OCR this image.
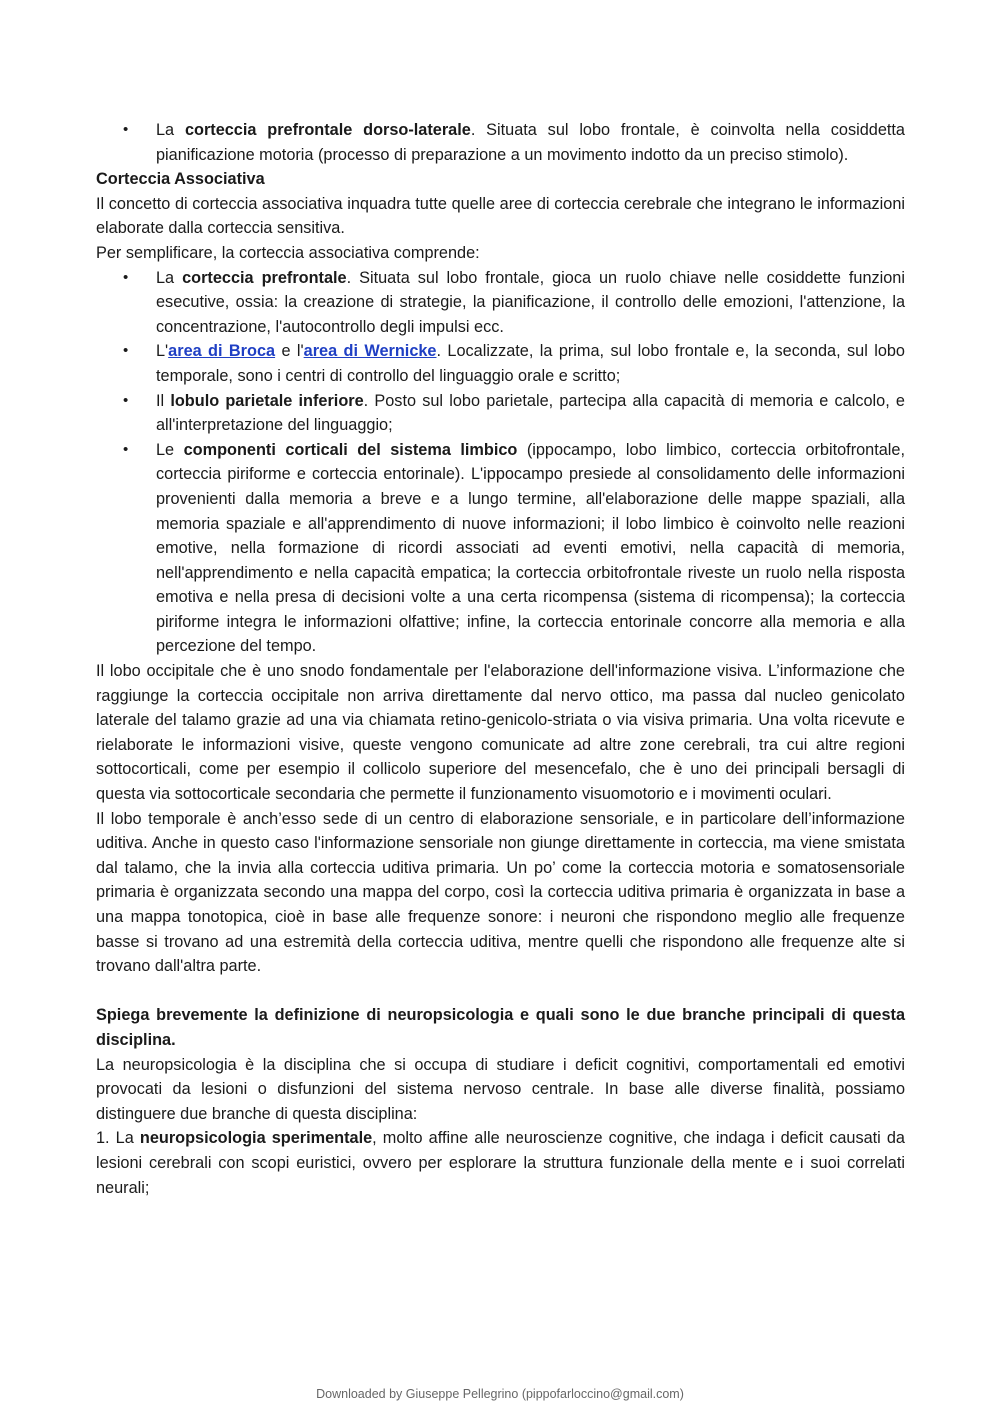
• La corteccia prefrontale dorso-laterale. Situata sul lobo frontale, è coinvolta nella cosiddetta pianificazione motoria (processo di preparazione a un movimento indotto da un preciso stimolo).

Corteccia Associativa

Il concetto di corteccia associativa inquadra tutte quelle aree di corteccia cerebrale che integrano le informazioni elaborate dalla corteccia sensitiva.

Per semplificare, la corteccia associativa comprende:

• La corteccia prefrontale. Situata sul lobo frontale, gioca un ruolo chiave nelle cosiddette funzioni esecutive, ossia: la creazione di strategie, la pianificazione, il controllo delle emozioni, l'attenzione, la concentrazione, l'autocontrollo degli impulsi ecc.
• L'area di Broca e l'area di Wernicke. Localizzate, la prima, sul lobo frontale e, la seconda, sul lobo temporale, sono i centri di controllo del linguaggio orale e scritto;
• Il lobulo parietale inferiore. Posto sul lobo parietale, partecipa alla capacità di memoria e calcolo, e all'interpretazione del linguaggio;
• Le componenti corticali del sistema limbico (ippocampo, lobo limbico, corteccia orbitofrontale, corteccia piriforme e corteccia entorinale). L'ippocampo presiede al consolidamento delle informazioni provenienti dalla memoria a breve e a lungo termine, all'elaborazione delle mappe spaziali, alla memoria spaziale e all'apprendimento di nuove informazioni; il lobo limbico è coinvolto nelle reazioni emotive, nella formazione di ricordi associati ad eventi emotivi, nella capacità di memoria, nell'apprendimento e nella capacità empatica; la corteccia orbitofrontale riveste un ruolo nella risposta emotiva e nella presa di decisioni volte a una certa ricompensa (sistema di ricompensa); la corteccia piriforme integra le informazioni olfattive; infine, la corteccia entorinale concorre alla memoria e alla percezione del tempo.

Il lobo occipitale che è uno snodo fondamentale per l'elaborazione dell'informazione visiva. L’informazione che raggiunge la corteccia occipitale non arriva direttamente dal nervo ottico, ma passa dal nucleo genicolato laterale del talamo grazie ad una via chiamata retino-genicolo-striata o via visiva primaria. Una volta ricevute e rielaborate le informazioni visive, queste vengono comunicate ad altre zone cerebrali, tra cui altre regioni sottocorticali, come per esempio il collicolo superiore del mesencefalo, che è uno dei principali bersagli di questa via sottocorticale secondaria che permette il funzionamento visuomotorio e i movimenti oculari.

Il lobo temporale è anch’esso sede di un centro di elaborazione sensoriale, e in particolare dell’informazione uditiva. Anche in questo caso l'informazione sensoriale non giunge direttamente in corteccia, ma viene smistata dal talamo, che la invia alla corteccia uditiva primaria. Un po’ come la corteccia motoria e somatosensoriale primaria è organizzata secondo una mappa del corpo, così la corteccia uditiva primaria è organizzata in base a una mappa tonotopica, cioè in base alle frequenze sonore: i neuroni che rispondono meglio alle frequenze basse si trovano ad una estremità della corteccia uditiva, mentre quelli che rispondono alle frequenze alte si trovano dall'altra parte.

Spiega brevemente la definizione di neuropsicologia e quali sono le due branche principali di questa disciplina.

La neuropsicologia è la disciplina che si occupa di studiare i deficit cognitivi, comportamentali ed emotivi provocati da lesioni o disfunzioni del sistema nervoso centrale. In base alle diverse finalità, possiamo distinguere due branche di questa disciplina:

1. La neuropsicologia sperimentale, molto affine alle neuroscienze cognitive, che indaga i deficit causati da lesioni cerebrali con scopi euristici, ovvero per esplorare la struttura funzionale della mente e i suoi correlati neurali;

Downloaded by Giuseppe Pellegrino (pippofarloccino@gmail.com)
